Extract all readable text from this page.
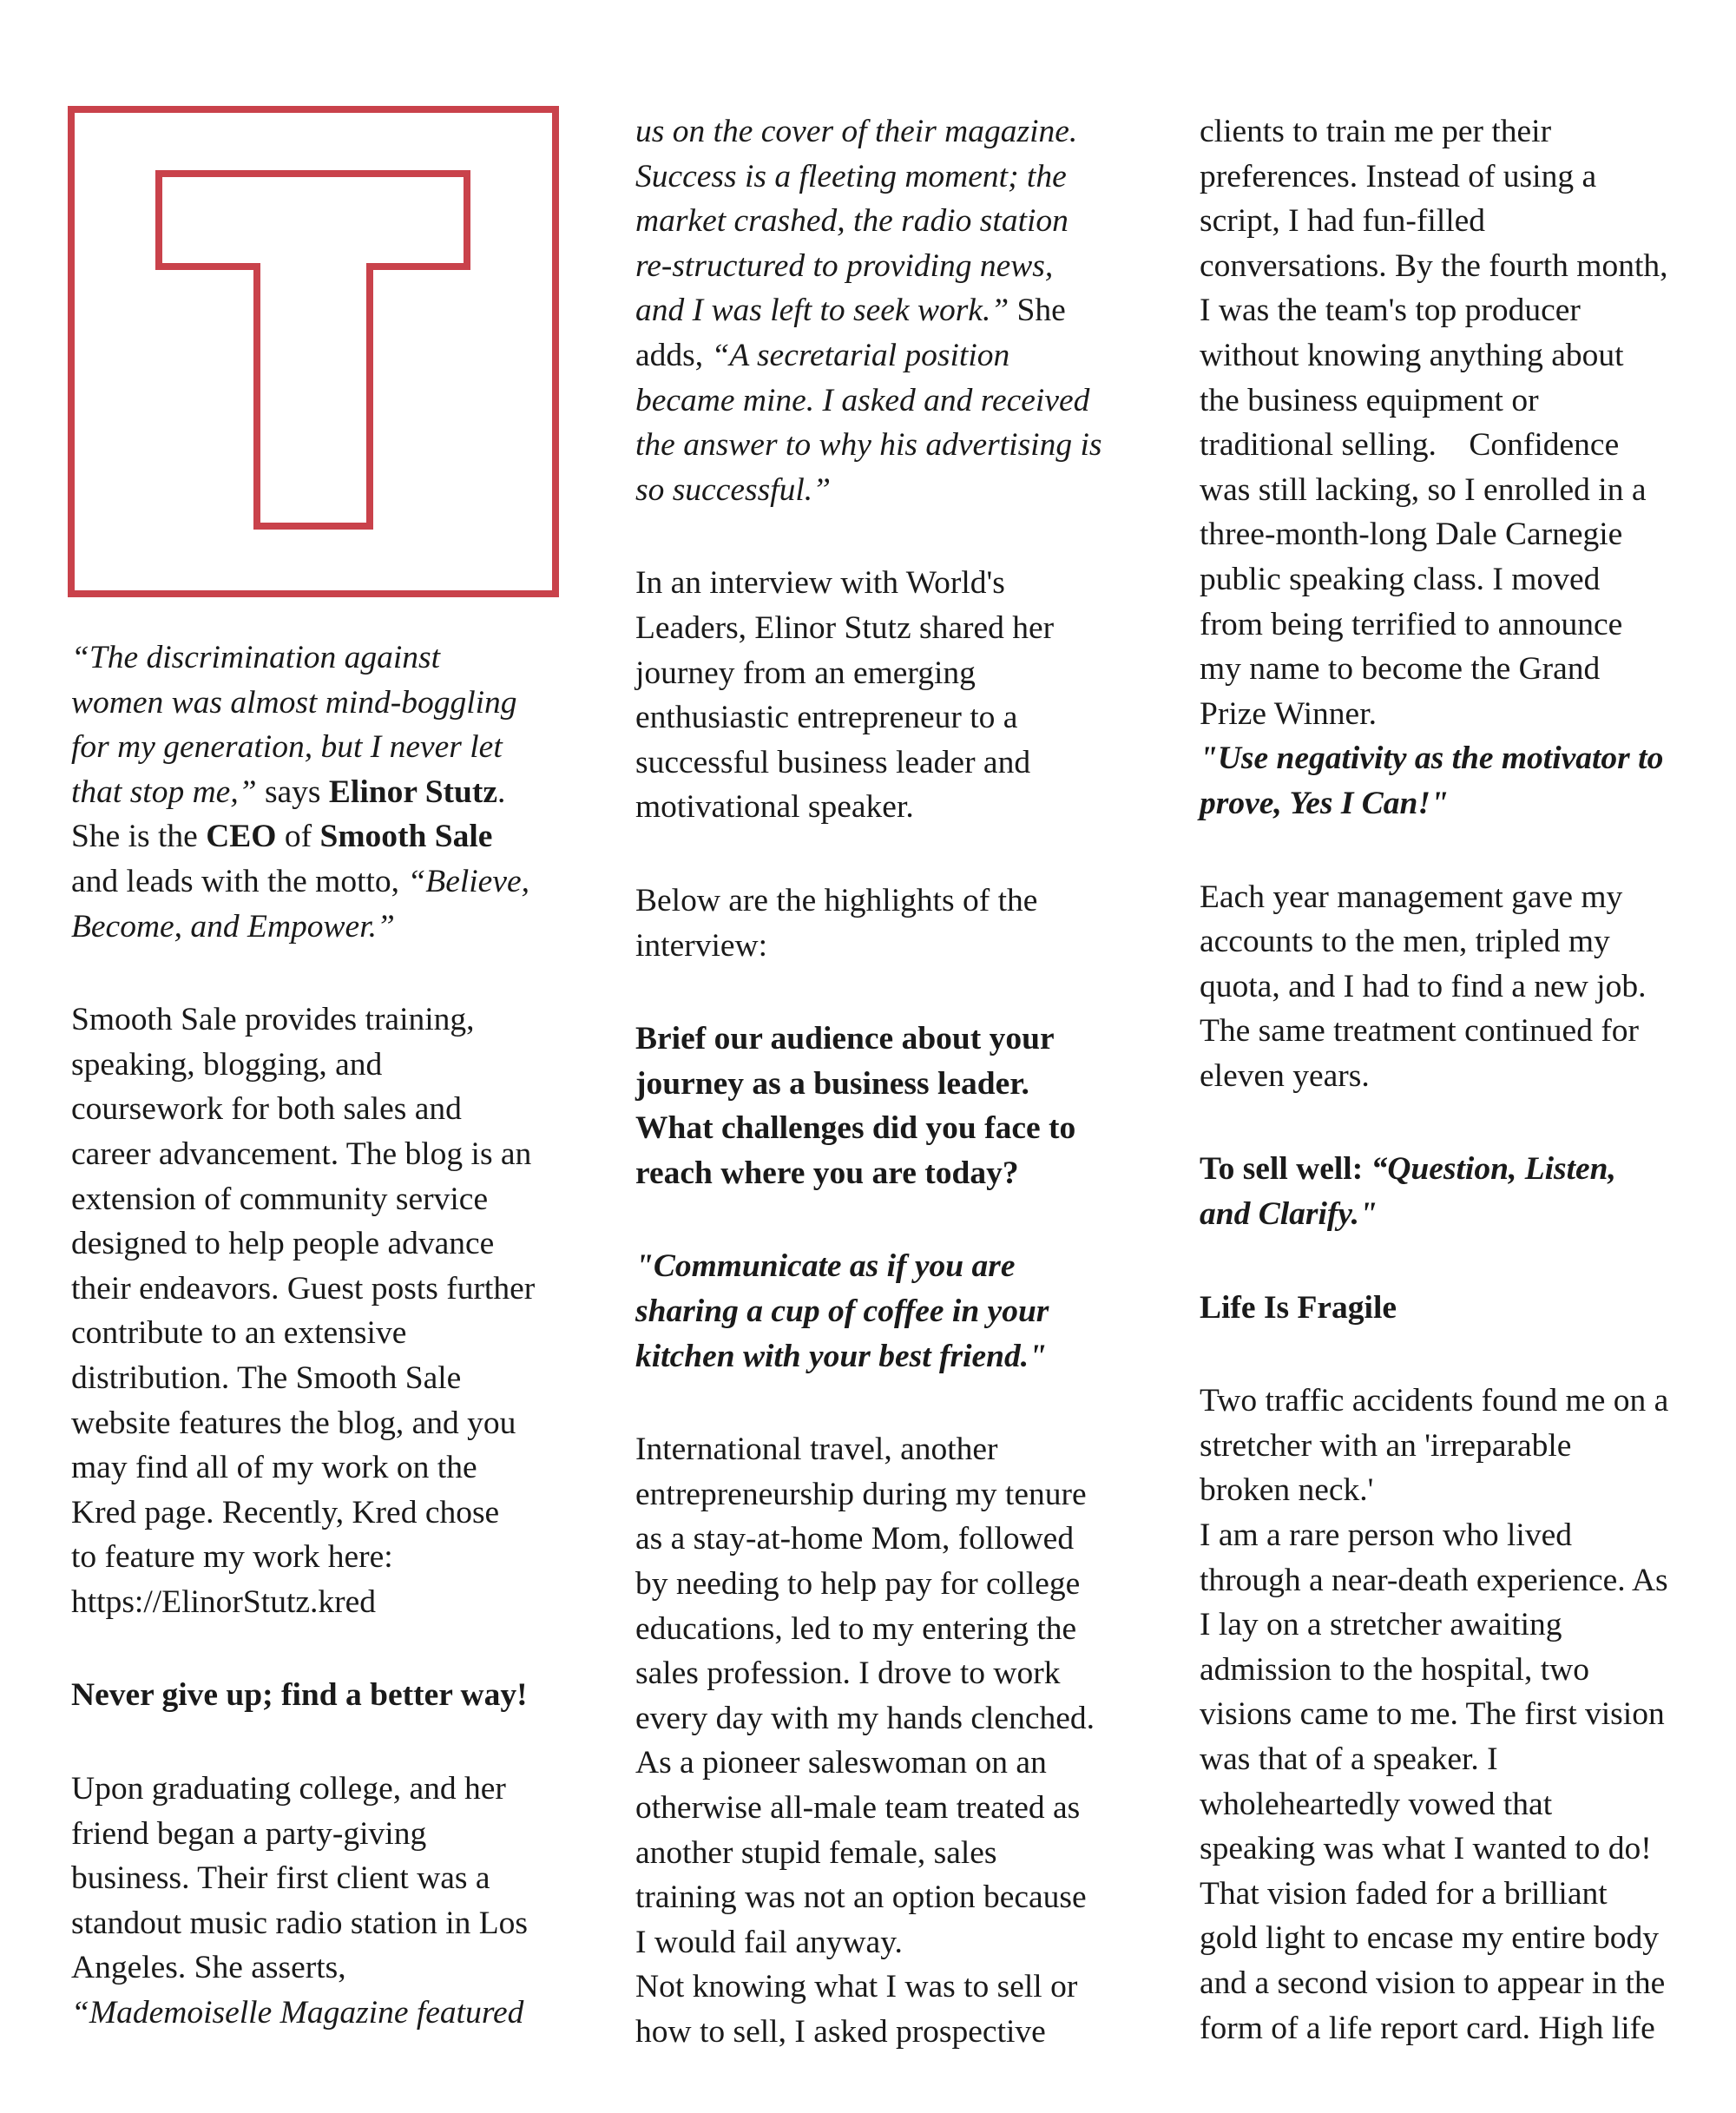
“The discrimination against

women was almost mind-boggling

for my generation, but I never let

that stop me,” says Elinor Stutz.

She is the CEO of Smooth Sale

and leads with the motto, “Believe,

Become, and Empower.”

Smooth Sale provides training,

speaking, blogging, and

coursework for both sales and

career advancement. The blog is an

extension of community service

designed to help people advance

their endeavors. Guest posts further

contribute to an extensive

distribution. The Smooth Sale

website features the blog, and you

may find all of my work on the

Kred page. Recently, Kred chose

to feature my work here:

https://ElinorStutz.kred

Never give up; find a better way!

Upon graduating college, and her

friend began a party-giving

business. Their first client was a

standout music radio station in Los

Angeles. She asserts,

“Mademoiselle Magazine featured

us on the cover of their magazine.

Success is a fleeting moment; the

market crashed, the radio station

re-structured to providing news,

and I was left to seek work.” She

adds, “A secretarial position

became mine. I asked and received

the answer to why his advertising is

so successful.”

In an interview with World's

Leaders, Elinor Stutz shared her

journey from an emerging

enthusiastic entrepreneur to a

successful business leader and

motivational speaker.

Below are the highlights of the

interview:

Brief our audience about your

journey as a business leader.

What challenges did you face to

reach where you are today?

"Communicate as if you are

sharing a cup of coffee in your

kitchen with your best friend."

International travel, another

entrepreneurship during my tenure

as a stay-at-home Mom, followed

by needing to help pay for college

educations, led to my entering the

sales profession. I drove to work

every day with my hands clenched.

As a pioneer saleswoman on an

otherwise all-male team treated as

another stupid female, sales

training was not an option because

I would fail anyway.

Not knowing what I was to sell or

how to sell, I asked prospective

clients to train me per their

preferences. Instead of using a

script, I had fun-filled

conversations. By the fourth month,

I was the team's top producer

without knowing anything about

the business equipment or

traditional selling.    Confidence

was still lacking, so I enrolled in a

three-month-long Dale Carnegie

public speaking class. I moved

from being terrified to announce

my name to become the Grand

Prize Winner.

"Use negativity as the motivator to

prove, Yes I Can!"

Each year management gave my

accounts to the men, tripled my

quota, and I had to find a new job.

The same treatment continued for

eleven years.

To sell well: “Question, Listen,

and Clarify."

Life Is Fragile

Two traffic accidents found me on a

stretcher with an 'irreparable

broken neck.'

I am a rare person who lived

through a near-death experience. As

I lay on a stretcher awaiting

admission to the hospital, two

visions came to me. The first vision

was that of a speaker. I

wholeheartedly vowed that

speaking was what I wanted to do!

That vision faded for a brilliant

gold light to encase my entire body

and a second vision to appear in the

form of a life report card. High life
